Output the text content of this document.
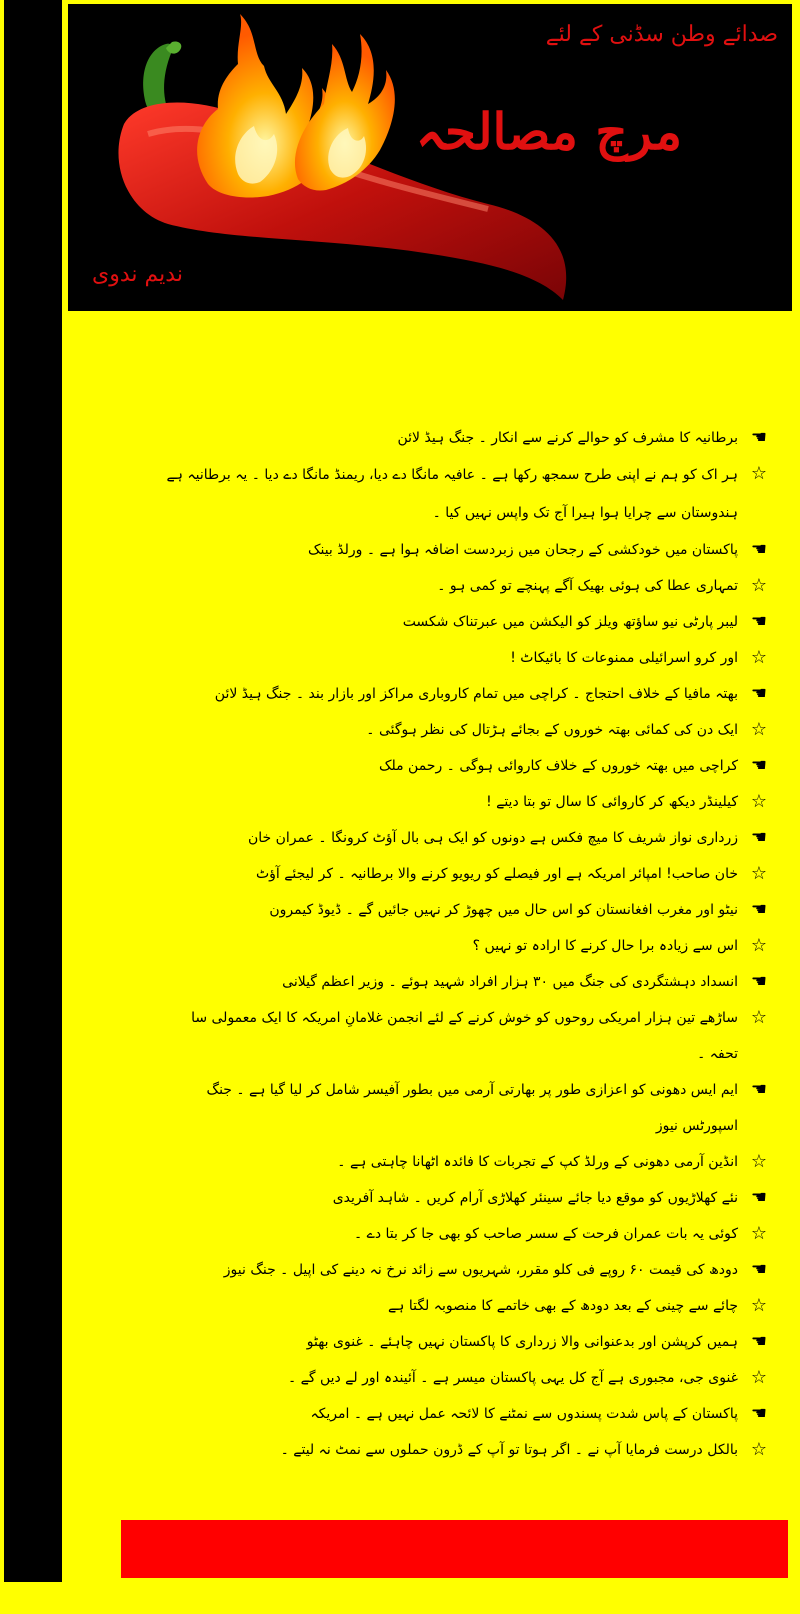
صدائے وطن سڈنی کے لئے
مرچ مصالحہ
ندیم ندوی
☚
برطانیہ کا مشرف کو حوالے کرنے سے انکار ۔ جنگ ہیڈ لائن
☆
ہر اک کو ہم نے اپنی طرح سمجھ رکھا ہے ۔ عافیہ مانگا دے دیا، ریمنڈ مانگا دے دیا ۔ یہ برطانیہ ہے ہندوستان سے چرایا ہوا ہیرا آج تک واپس نہیں کیا ۔
☚
پاکستان میں خودکشی کے رجحان میں زبردست اضافہ ہوا ہے ۔ ورلڈ بینک
☆
تمہاری عطا کی ہوئی بھیک آگے پہنچے تو کمی ہو ۔
☚
لیبر پارٹی نیو ساؤتھ ویلز کو الیکشن میں عبرتناک شکست
☆
اور کرو اسرائیلی ممنوعات کا بائیکاٹ !
☚
بھتہ مافیا کے خلاف احتجاج ۔ کراچی میں تمام کاروباری مراکز اور بازار بند ۔ جنگ ہیڈ لائن
☆
ایک دن کی کمائی بھتہ خوروں کے بجائے ہڑتال کی نظر ہوگئی ۔
☚
کراچی میں بھتہ خوروں کے خلاف کاروائی ہوگی ۔ رحمن ملک
☆
کیلینڈر دیکھ کر کاروائی کا سال تو بتا دیتے !
☚
زرداری نواز شریف کا میچ فکس ہے دونوں کو ایک ہی بال آؤٹ کرونگا ۔ عمران خان
☆
خان صاحب! امپائر امریکہ ہے اور فیصلے کو ریویو کرنے والا برطانیہ ۔ کر لیجئے آؤٹ
☚
نیٹو اور مغرب افغانستان کو اس حال میں چھوڑ کر نہیں جائیں گے ۔ ڈیوڈ کیمرون
☆
اس سے زیادہ برا حال کرنے کا ارادہ تو نہیں ؟
☚
انسداد دہشتگردی کی جنگ میں ۳۰ ہزار افراد شہید ہوئے ۔ وزیر اعظم گیلانی
☆
ساڑھے تین ہزار امریکی روحوں کو خوش کرنے کے لئے انجمن غلامانِ امریکہ کا ایک معمولی سا تحفہ ۔
☚
ایم ایس دھونی کو اعزازی طور پر بھارتی آرمی میں بطور آفیسر شامل کر لیا گیا ہے ۔ جنگ اسپورٹس نیوز
☆
انڈین آرمی دھونی کے ورلڈ کپ کے تجربات کا فائدہ اٹھانا چاہتی ہے ۔
☚
نئے کھلاڑیوں کو موقع دیا جائے سینئر کھلاڑی آرام کریں ۔ شاہد آفریدی
☆
کوئی یہ بات عمران فرحت کے سسر صاحب کو بھی جا کر بتا دے ۔
☚
دودھ کی قیمت ۶۰ روپے فی کلو مقرر، شہریوں سے زائد نرخ نہ دینے کی اپیل ۔ جنگ نیوز
☆
چائے سے چینی کے بعد دودھ کے بھی خاتمے کا منصوبہ لگتا ہے
☚
ہمیں کرپشن اور بدعنوانی والا زرداری کا پاکستان نہیں چاہئے ۔ غنوی بھٹو
☆
غنوی جی، مجبوری ہے آج کل یہی پاکستان میسر ہے ۔ آئیندہ اور لے دیں گے ۔
☚
پاکستان کے پاس شدت پسندوں سے نمٹنے کا لائحہ عمل نہیں ہے ۔ امریکہ
☆
بالکل درست فرمایا آپ نے ۔ اگر ہوتا تو آپ کے ڈرون حملوں سے نمٹ نہ لیتے ۔
